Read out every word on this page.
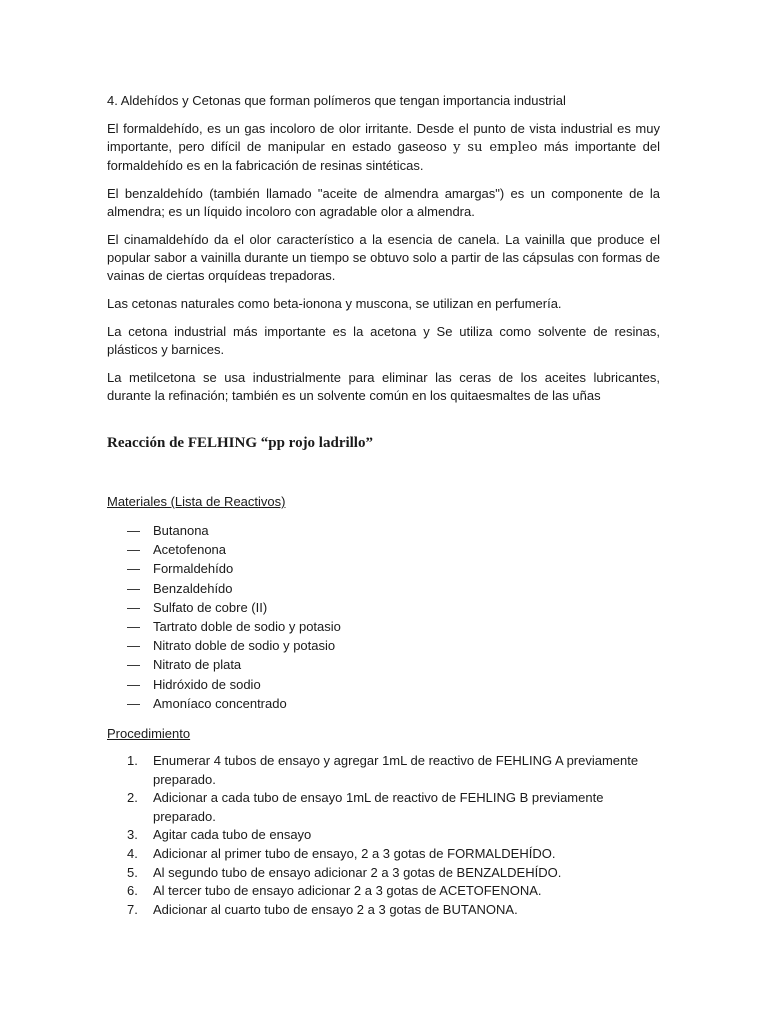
4. Aldehídos y Cetonas que forman polímeros que tengan importancia industrial

El formaldehído, es un gas incoloro de olor irritante. Desde el punto de vista industrial es muy importante, pero difícil de manipular en estado gaseoso y su empleo más importante del formaldehído es en la fabricación de resinas sintéticas.

El benzaldehído (también llamado "aceite de almendra amargas") es un componente de la almendra; es un líquido incoloro con agradable olor a almendra.

El cinamaldehído da el olor característico a la esencia de canela. La vainilla que produce el popular sabor a vainilla durante un tiempo se obtuvo solo a partir de las cápsulas con formas de vainas de ciertas orquídeas trepadoras.

Las cetonas naturales como beta-ionona y muscona, se utilizan en perfumería.

La cetona industrial más importante es la acetona y Se utiliza como solvente de resinas, plásticos y barnices.

La metilcetona se usa industrialmente para eliminar las ceras de los aceites lubricantes, durante la refinación; también es un solvente común en los quitaesmaltes de las uñas

Reacción de FELHING “pp rojo ladrillo”

Materiales (Lista de Reactivos)

—	Butanona
—	Acetofenona
—	Formaldehído
—	Benzaldehído
—	Sulfato de cobre (II)
—	Tartrato doble de sodio y potasio
—	Nitrato doble de sodio y potasio
—	Nitrato de plata
—	Hidróxido de sodio
—	Amoníaco concentrado

Procedimiento

1.	Enumerar 4 tubos de ensayo y agregar 1mL de reactivo de FEHLING A previamente preparado.
2.	Adicionar a cada tubo de ensayo 1mL de reactivo de FEHLING B previamente preparado.
3.	Agitar cada tubo de ensayo
4.	Adicionar al primer tubo de ensayo, 2 a 3 gotas de FORMALDEHÍDO.
5.	Al segundo tubo de ensayo adicionar 2 a 3 gotas de BENZALDEHÍDO.
6.	Al tercer tubo de ensayo adicionar 2 a 3 gotas de ACETOFENONA.
7.	Adicionar al cuarto tubo de ensayo 2 a 3 gotas de BUTANONA.
